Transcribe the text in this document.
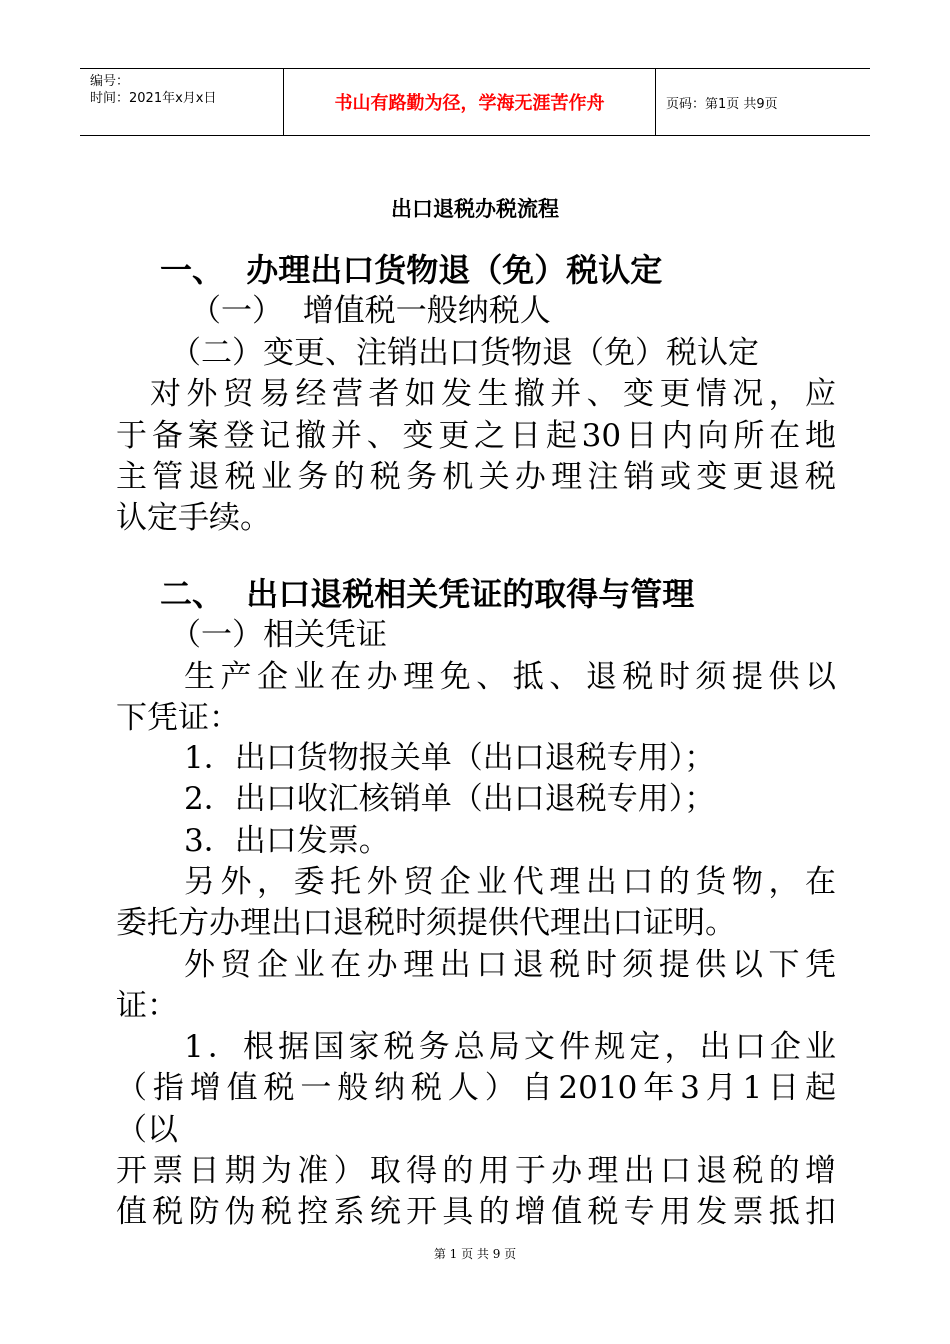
编号：
时间：2021年x月x日	书山有路勤为径，学海无涯苦作舟	页码：第1页 共9页
出口退税办税流程
一、  办理出口货物退（免）税认定
（一）  增值税一般纳税人
（二）变更、注销出口货物退（免）税认定
对外贸易经营者如发生撤并、变更情况，应
于备案登记撤并、变更之日起30日内向所在地
主管退税业务的税务机关办理注销或变更退税
认定手续。
二、  出口退税相关凭证的取得与管理
（一）相关凭证
生产企业在办理免、抵、退税时须提供以
下凭证：
1．出口货物报关单（出口退税专用）；
2．出口收汇核销单（出口退税专用）；
3．出口发票。
另外，委托外贸企业代理出口的货物，在
委托方办理出口退税时须提供代理出口证明。
外贸企业在办理出口退税时须提供以下凭
证：
1．根据国家税务总局文件规定，出口企业
（指增值税一般纳税人）自2010年3月1日起
（以
开票日期为准）取得的用于办理出口退税的增
值税防伪税控系统开具的增值税专用发票抵扣
第 1 页 共 9 页
